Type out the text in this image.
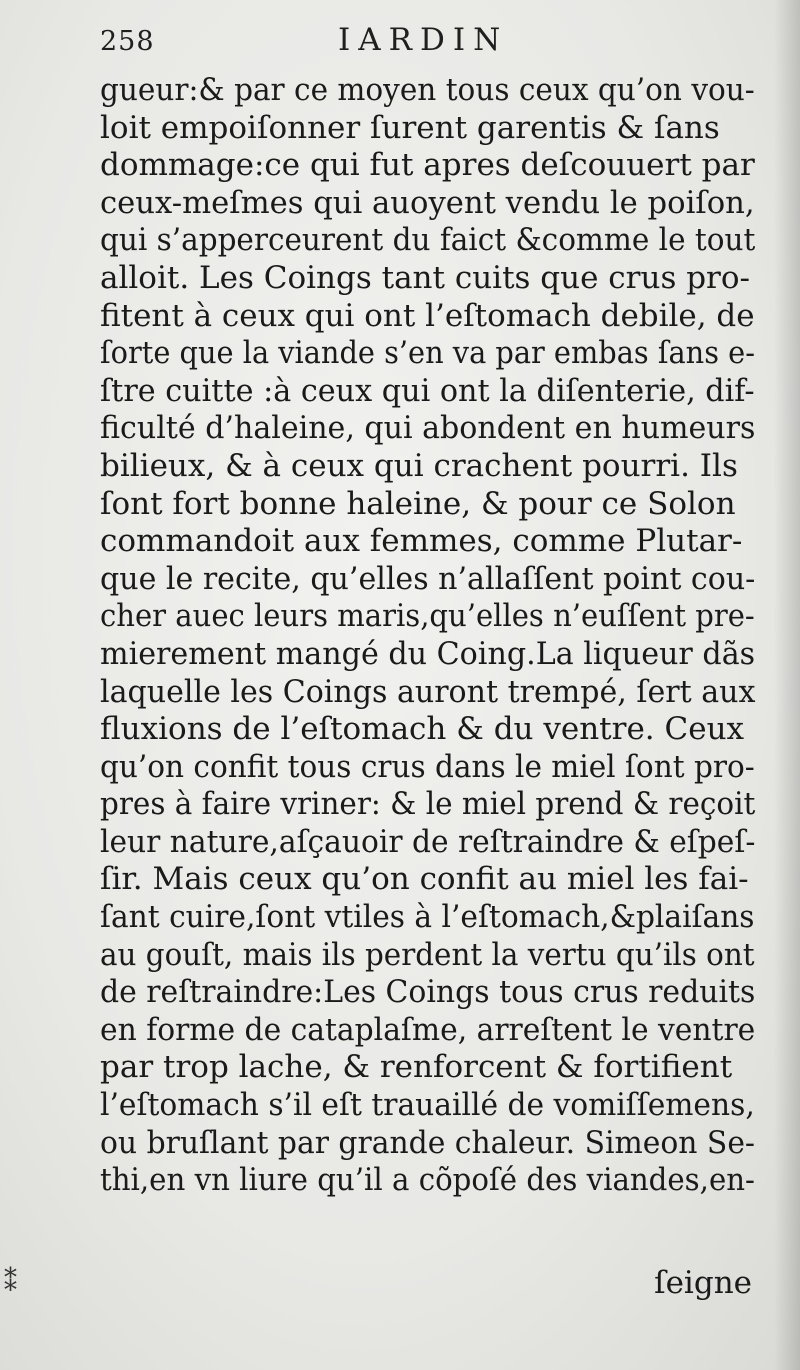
258	IARDIN
gueur:& par ce moyen tous ceux qu’on vou-
loit empoiſonner ſurent garentis & ſans
dommage:ce qui fut apres deſcouuert par
ceux-meſmes qui auoyent vendu le poiſon,
qui s’apperceurent du faict &comme le tout
alloit. Les Coings tant cuits que crus pro-
fitent à ceux qui ont l’eſtomach debile, de
ſorte que la viande s’en va par embas ſans e-
ſtre cuitte :à ceux qui ont la diſenterie, dif-
ficulté d’haleine, qui abondent en humeurs
bilieux, & à ceux qui crachent pourri. Ils
ſont fort bonne haleine, & pour ce Solon
commandoit aux femmes, comme Plutar-
que le recite, qu’elles n’allaſſent point cou-
cher auec leurs maris,qu’elles n’euſſent pre-
mierement mangé du Coing.La liqueur dãs
laquelle les Coings auront trempé, ſert aux
fluxions de l’eſtomach & du ventre. Ceux
qu’on confit tous crus dans le miel ſont pro-
pres à faire vriner: & le miel prend & reçoit
leur nature,aſçauoir de reſtraindre & eſpeſ-
ſir. Mais ceux qu’on confit au miel les fai-
ſant cuire,ſont vtiles à l’eſtomach,&plaiſans
au gouſt, mais ils perdent la vertu qu’ils ont
de reſtraindre:Les Coings tous crus reduits
en forme de cataplaſme, arreſtent le ventre
par trop lache, & renforcent & fortifient
l’eſtomach s’il eſt trauaillé de vomiſſemens,
ou bruſlant par grande chaleur. Simeon Se-
thi,en vn liure qu’il a cõpoſé des viandes,en-
ſeigne
⁑
